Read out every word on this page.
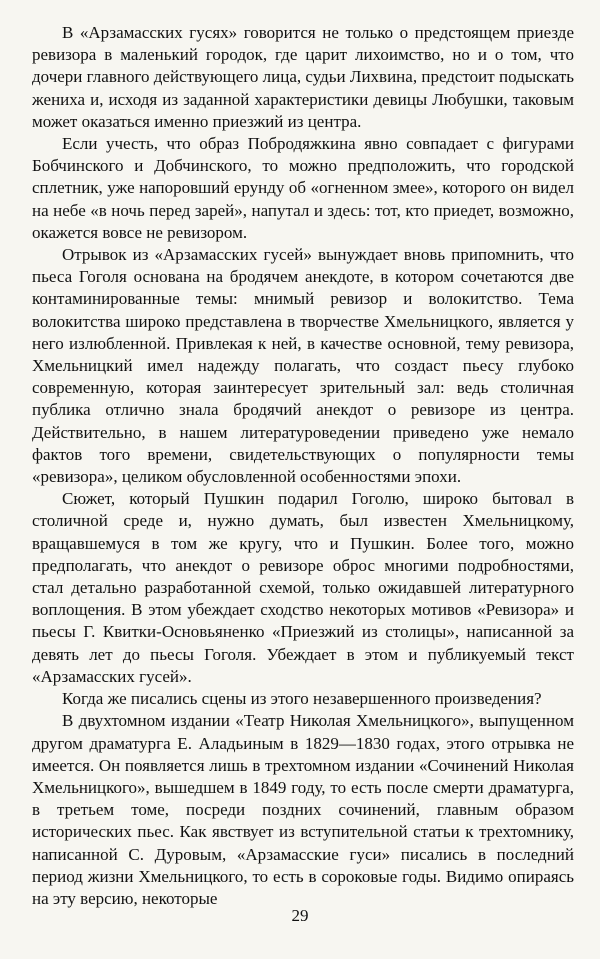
В «Арзамасских гусях» говорится не только о предстоящем приезде ревизора в маленький городок, где царит лихоимство, но и о том, что дочери главного действующего лица, судьи Лихвина, предстоит подыскать жениха и, исходя из заданной характеристики девицы Любушки, таковым может оказаться именно приезжий из центра.

Если учесть, что образ Побродяжкина явно совпадает с фигурами Бобчинского и Добчинского, то можно предположить, что городской сплетник, уже напоровший ерунду об «огненном змее», которого он видел на небе «в ночь перед зарей», напутал и здесь: тот, кто приедет, возможно, окажется вовсе не ревизором.

Отрывок из «Арзамасских гусей» вынуждает вновь припомнить, что пьеса Гоголя основана на бродячем анекдоте, в котором сочетаются две контаминированные темы: мнимый ревизор и волокитство. Тема волокитства широко представлена в творчестве Хмельницкого, является у него излюбленной. Привлекая к ней, в качестве основной, тему ревизора, Хмельницкий имел надежду полагать, что создаст пьесу глубоко современную, которая заинтересует зрительный зал: ведь столичная публика отлично знала бродячий анекдот о ревизоре из центра. Действительно, в нашем литературоведении приведено уже немало фактов того времени, свидетельствующих о популярности темы «ревизора», целиком обусловленной особенностями эпохи.

Сюжет, который Пушкин подарил Гоголю, широко бытовал в столичной среде и, нужно думать, был известен Хмельницкому, вращавшемуся в том же кругу, что и Пушкин. Более того, можно предполагать, что анекдот о ревизоре оброс многими подробностями, стал детально разработанной схемой, только ожидавшей литературного воплощения. В этом убеждает сходство некоторых мотивов «Ревизора» и пьесы Г. Квитки-Основьяненко «Приезжий из столицы», написанной за девять лет до пьесы Гоголя. Убеждает в этом и публикуемый текст «Арзамасских гусей».

Когда же писались сцены из этого незавершенного произведения?

В двухтомном издании «Театр Николая Хмельницкого», выпущенном другом драматурга Е. Аладьиным в 1829—1830 годах, этого отрывка не имеется. Он появляется лишь в трехтомном издании «Сочинений Николая Хмельницкого», вышедшем в 1849 году, то есть после смерти драматурга, в третьем томе, посреди поздних сочинений, главным образом исторических пьес. Как явствует из вступительной статьи к трехтомнику, написанной С. Дуровым, «Арзамасские гуси» писались в последний период жизни Хмельницкого, то есть в сороковые годы. Видимо опираясь на эту версию, некоторые

29
